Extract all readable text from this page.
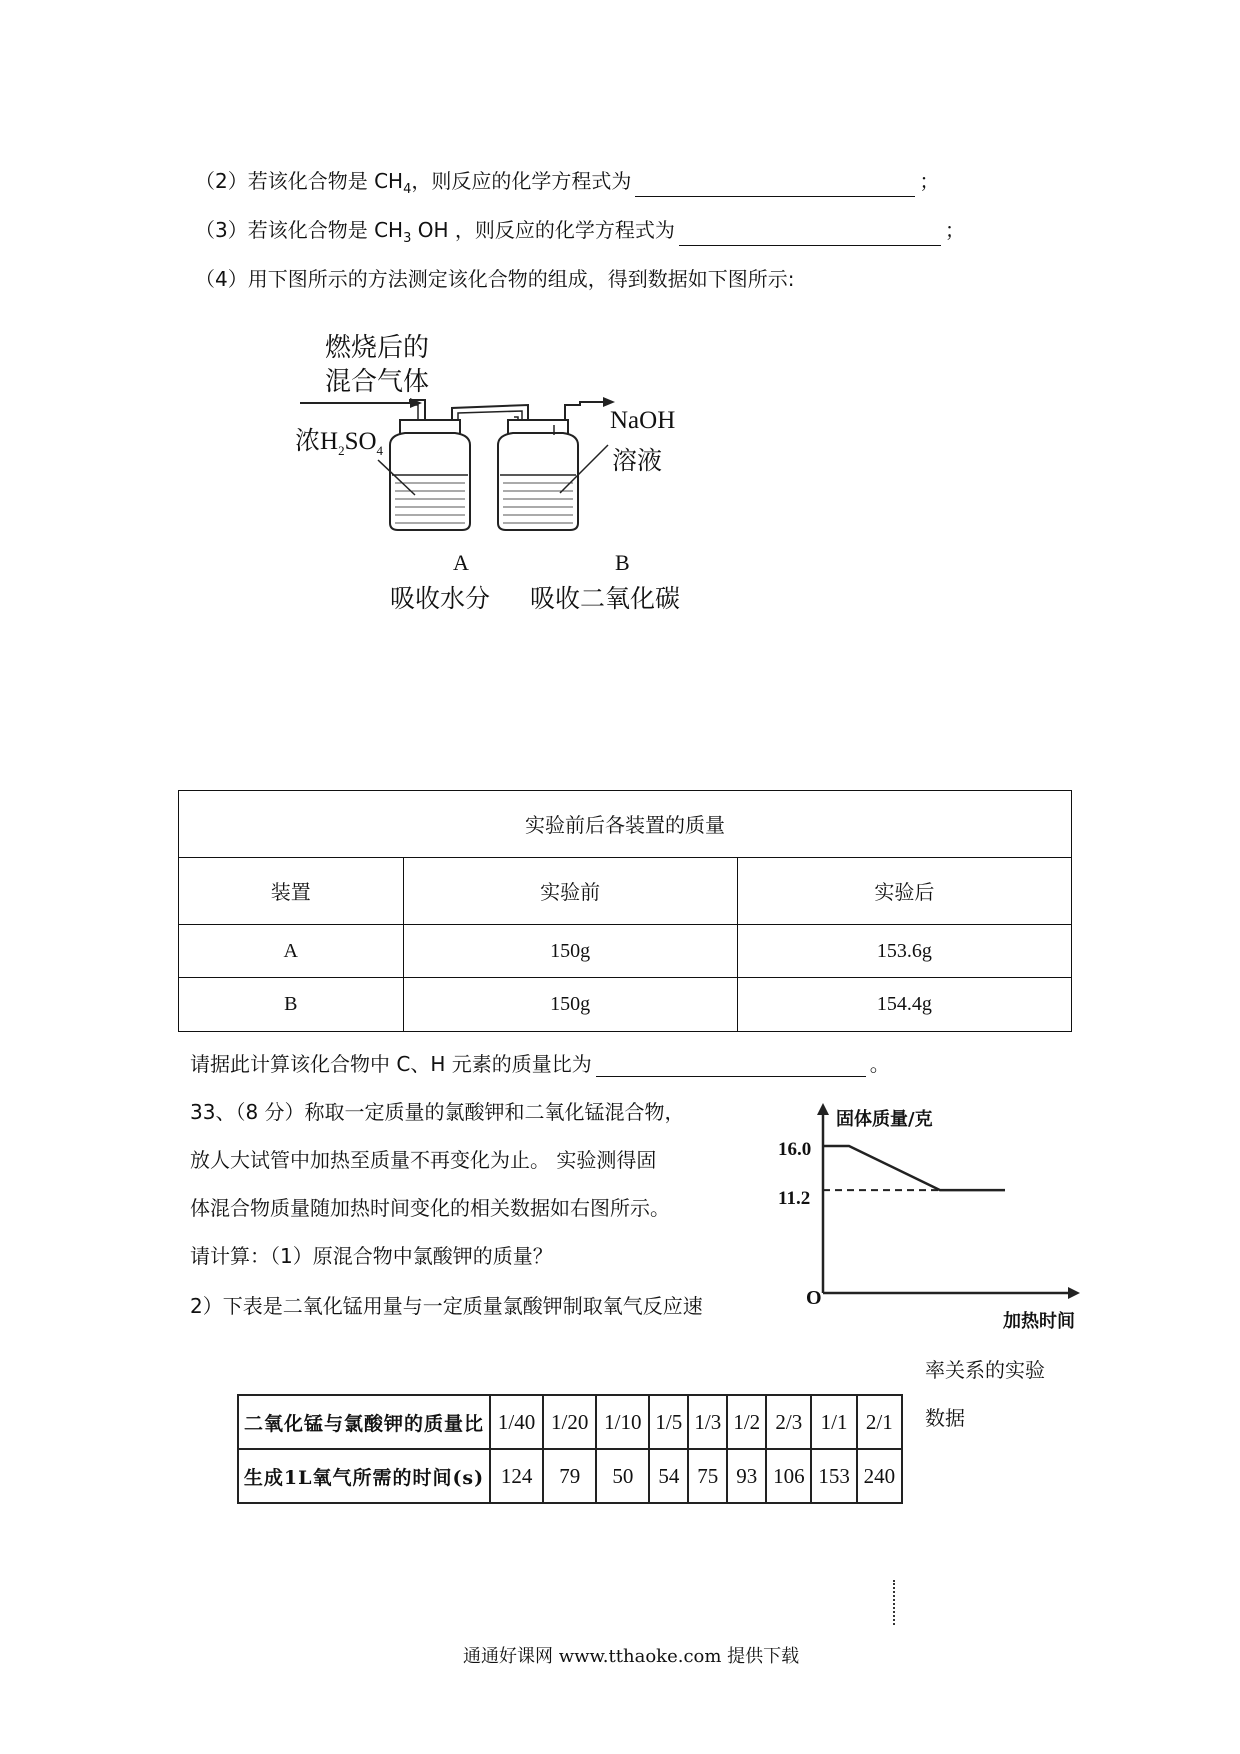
（2）若该化合物是 $CH_4$，则反应的化学方程式为	；
（3）若该化合物是 $CH_3$ OH ，则反应的化学方程式为	；
（4）用下图所示的方法测定该化合物的组成，得到数据如下图所示:
燃烧后的
混合气体
浓$H_2SO_4$
NaOH
溶液
A	B
吸收水分 吸收二氧化碳
实验前后各装置的质量		
装置	实验前	实验后
A	150g	153.6g
B	150g	154.4g
请据此计算该化合物中 C、H 元素的质量比为	。
33、（8 分）称取一定质量的氯酸钾和二氧化锰混合物，
放人大试管中加热至质量不再变化为止。 实验测得固
体混合物质量随加热时间变化的相关数据如右图所示。
请计算：（1）原混合物中氯酸钾的质量？
2）下表是二氧化锰用量与一定质量氯酸钾制取氧气反应速
率关系的实验
数据
固体质量/克
加热时间
O
16.0
11.2
二氧化锰与氯酸钾的质量比	1/40	1/20	1/10	1/5	1/3	1/2	2/3	1/1	2/1
生成1L氧气所需的时间(s)	124	79	50	54	75	93	106	153	240
通通好课网 www.tthaoke.com 提供下载
